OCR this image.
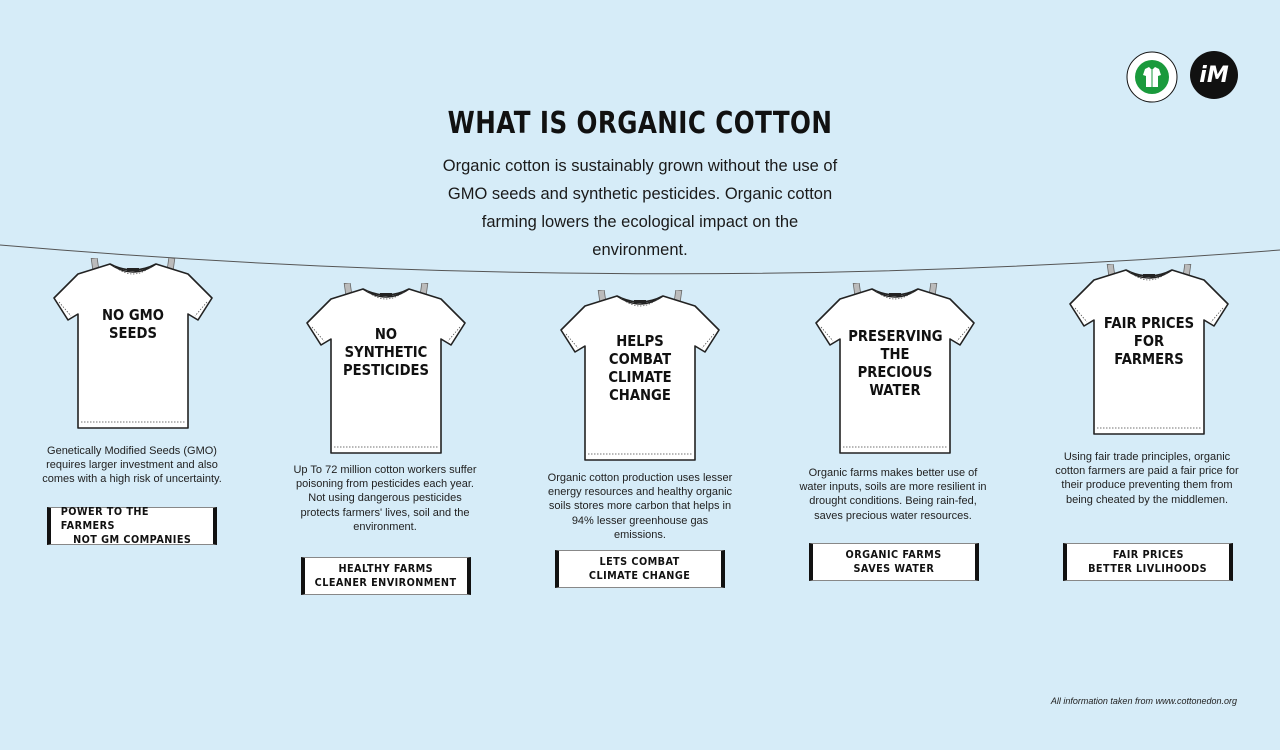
iM
WHAT IS ORGANIC COTTON
Organic cotton is sustainably grown without the use of GMO seeds and synthetic pesticides. Organic cotton farming lowers the ecological impact on the environment.
NO GMO
SEEDS
Genetically Modified Seeds (GMO) requires larger investment and also comes with a high risk of uncertainty.
POWER TO THE FARMERS
NOT GM COMPANIES
NO
SYNTHETIC
PESTICIDES
Up To 72 million cotton workers suffer poisoning from pesticides each year. Not using dangerous pesticides protects farmers' lives, soil and the environment.
HEALTHY FARMS
CLEANER ENVIRONMENT
HELPS
COMBAT
CLIMATE
CHANGE
Organic cotton production uses lesser energy resources and healthy organic soils stores more carbon that helps in 94% lesser greenhouse gas emissions.
LETS COMBAT
CLIMATE CHANGE
PRESERVING
THE PRECIOUS
WATER
Organic farms makes better use of water inputs, soils are more resilient in drought conditions. Being rain-fed, saves precious water resources.
ORGANIC FARMS
SAVES WATER
FAIR PRICES
FOR FARMERS
Using fair trade principles, organic cotton farmers are paid a fair price for their produce preventing them from being cheated by the middlemen.
FAIR PRICES
BETTER LIVLIHOODS
All information taken from www.cottonedon.org
